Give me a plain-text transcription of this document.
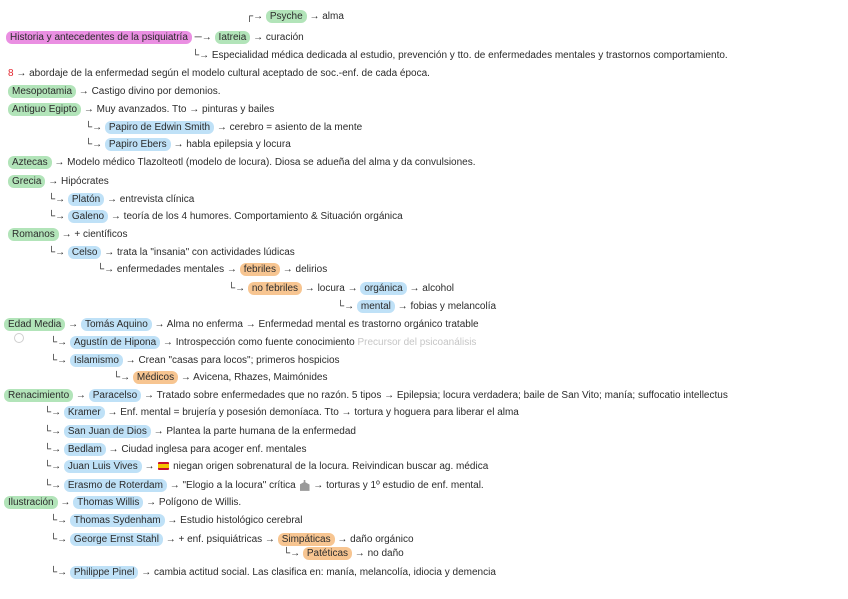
┌→ Psyche → alma
Historia y antecedentes de la psiquiatría ─→ Iatreia → curación
└→ Especialidad médica dedicada al estudio, prevención y tto. de enfermedades mentales y trastornos comportamiento.
8 → abordaje de la enfermedad según el modelo cultural aceptado de soc.-enf. de cada época.
Mesopotamia → Castigo divino por demonios.
Antiguo Egipto → Muy avanzados. Tto → pinturas y bailes
└→ Papiro de Edwin Smith → cerebro = asiento de la mente
└→ Papiro Ebers → habla epilepsia y locura
Aztecas → Modelo médico Tlazolteotl (modelo de locura). Diosa se adueña del alma y da convulsiones.
Grecia → Hipócrates
└→ Platón → entrevista clínica
└→ Galeno → teoría de los 4 humores. Comportamiento & Situación orgánica
Romanos → + científicos
└→ Celso → trata la "insania" con actividades lúdicas
└→ enfermedades mentales → febriles → delirios
└→ no febriles → locura → orgánica → alcohol
└→ mental → fobias y melancolía
Edad Media → Tomás Aquino → Alma no enferma → Enfermedad mental es trastorno orgánico tratable
└→ Agustín de Hipona → Introspección como fuente conocimiento Precursor del psicoanálisis
└→ Islamismo → Crean "casas para locos"; primeros hospicios
└→ Médicos → Avicena, Rhazes, Maimónides
Renacimiento → Paracelso → Tratado sobre enfermedades que no razón. 5 tipos → Epilepsia; locura verdadera; baile de San Vito; manía; suffocatio intellectus
└→ Kramer → Enf. mental = brujería y posesión demoníaca. Tto → tortura y hoguera para liberar el alma
└→ San Juan de Dios → Plantea la parte humana de la enfermedad
└→ Bedlam → Ciudad inglesa para acoger enf. mentales
└→ Juan Luis Vives →  niegan origen sobrenatural de la locura. Reivindican buscar ag. médica
└→ Erasmo de Roterdam → "Elogio a la locura" crítica  → torturas y 1º estudio de enf. mental.
Ilustración → Thomas Willis → Polígono de Willis.
└→ Thomas Sydenham → Estudio histológico cerebral
└→ George Ernst Stahl → + enf. psiquiátricas → Simpáticas → daño orgánico
└→ Patéticas → no daño
└→ Philippe Pinel → cambia actitud social. Las clasifica en: manía, melancolía, idiocia y demencia
